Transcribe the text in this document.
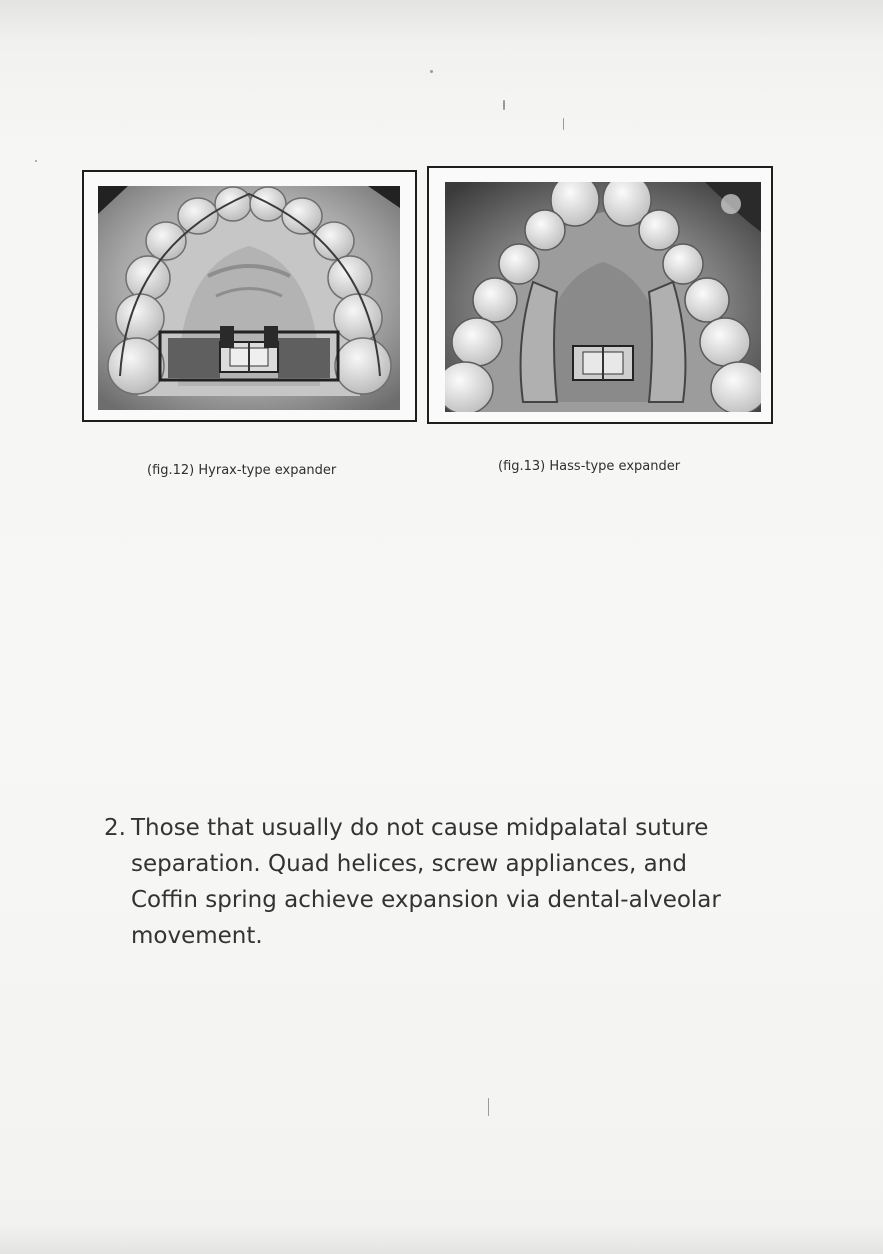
(fig.12) Hyrax-type expander	(fig.13) Hass-type expander
2. Those that usually do not cause midpalatal suture
separation. Quad helices, screw appliances, and
Coffin spring achieve expansion via dental-alveolar
movement.
